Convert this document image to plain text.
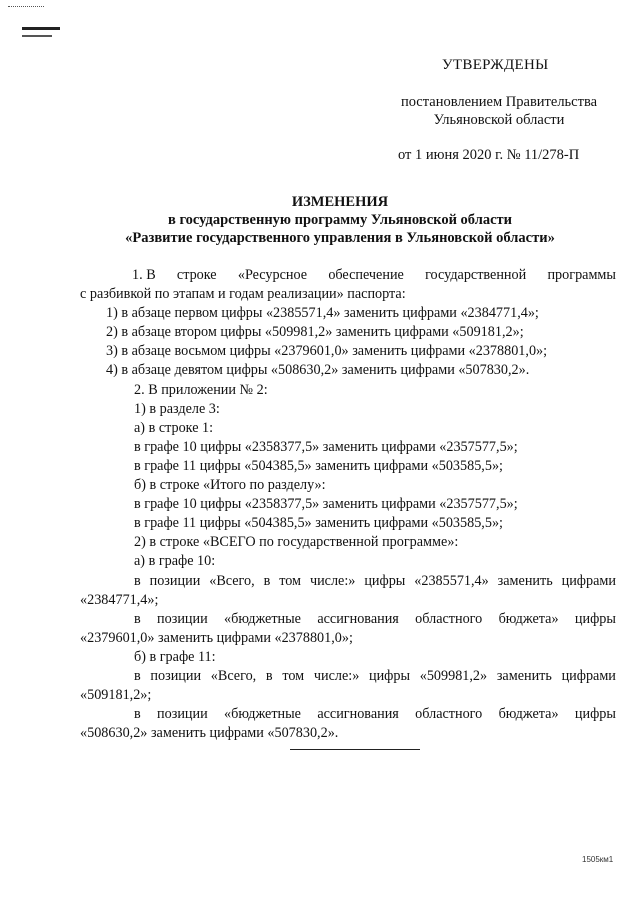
УТВЕРЖДЕНЫ
постановлением Правительства
Ульяновской области
от 1 июня 2020 г. № 11/278-П
ИЗМЕНЕНИЯ
в государственную программу Ульяновской области
«Развитие государственного управления в Ульяновской области»
1. В строке «Ресурсное обеспечение государственной программы
с разбивкой по этапам и годам реализации» паспорта:
1) в абзаце первом цифры «2385571,4» заменить цифрами «2384771,4»;
2) в абзаце втором цифры «509981,2» заменить цифрами «509181,2»;
3) в абзаце восьмом цифры «2379601,0» заменить цифрами «2378801,0»;
4) в абзаце девятом цифры «508630,2» заменить цифрами «507830,2».
2. В приложении № 2:
1) в разделе 3:
а) в строке 1:
в графе 10 цифры «2358377,5» заменить цифрами «2357577,5»;
в графе 11 цифры «504385,5» заменить цифрами «503585,5»;
б) в строке «Итого по разделу»:
в графе 10 цифры «2358377,5» заменить цифрами «2357577,5»;
в графе 11 цифры «504385,5» заменить цифрами «503585,5»;
2) в строке «ВСЕГО по государственной программе»:
а) в графе 10:
в позиции «Всего, в том числе:» цифры «2385571,4» заменить цифрами
«2384771,4»;
в позиции «бюджетные ассигнования областного бюджета» цифры
«2379601,0» заменить цифрами «2378801,0»;
б) в графе 11:
в позиции «Всего, в том числе:» цифры «509981,2» заменить цифрами
«509181,2»;
в позиции «бюджетные ассигнования областного бюджета» цифры
«508630,2» заменить цифрами «507830,2».
1505км1
